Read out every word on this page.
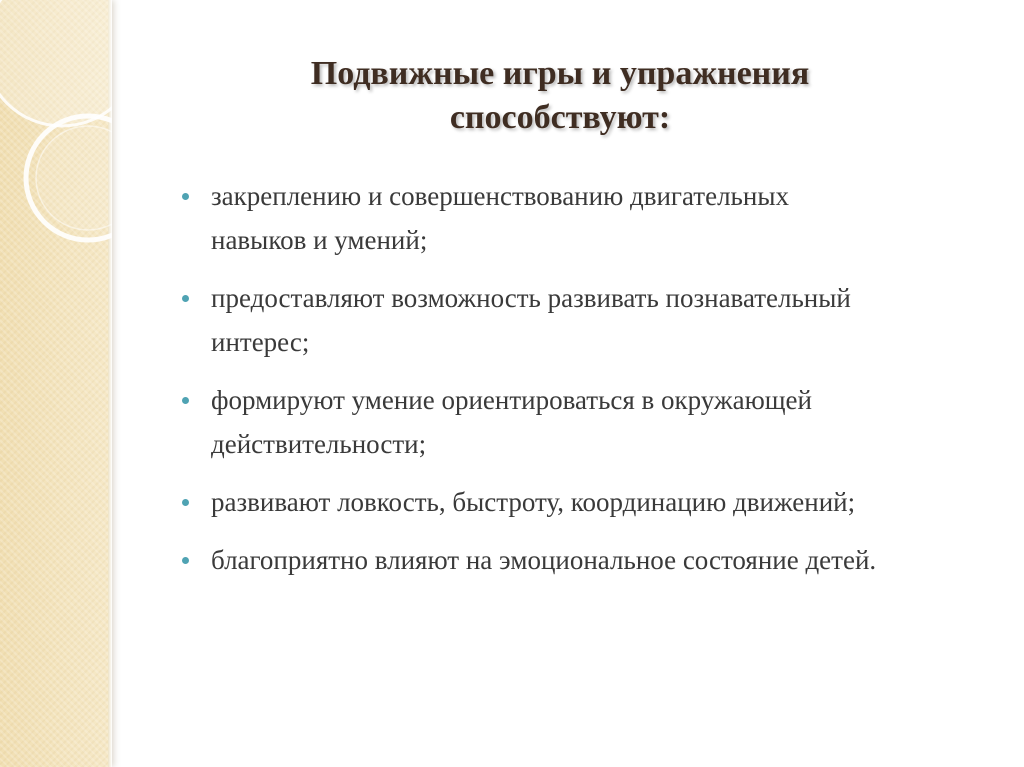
Подвижные игры и упражнения
способствуют:
закреплению и совершенствованию двигательных
навыков и умений;
предоставляют возможность развивать познавательный
интерес;
формируют умение ориентироваться в окружающей
действительности;
развивают ловкость, быстроту, координацию движений;
благоприятно влияют на эмоциональное состояние детей.
